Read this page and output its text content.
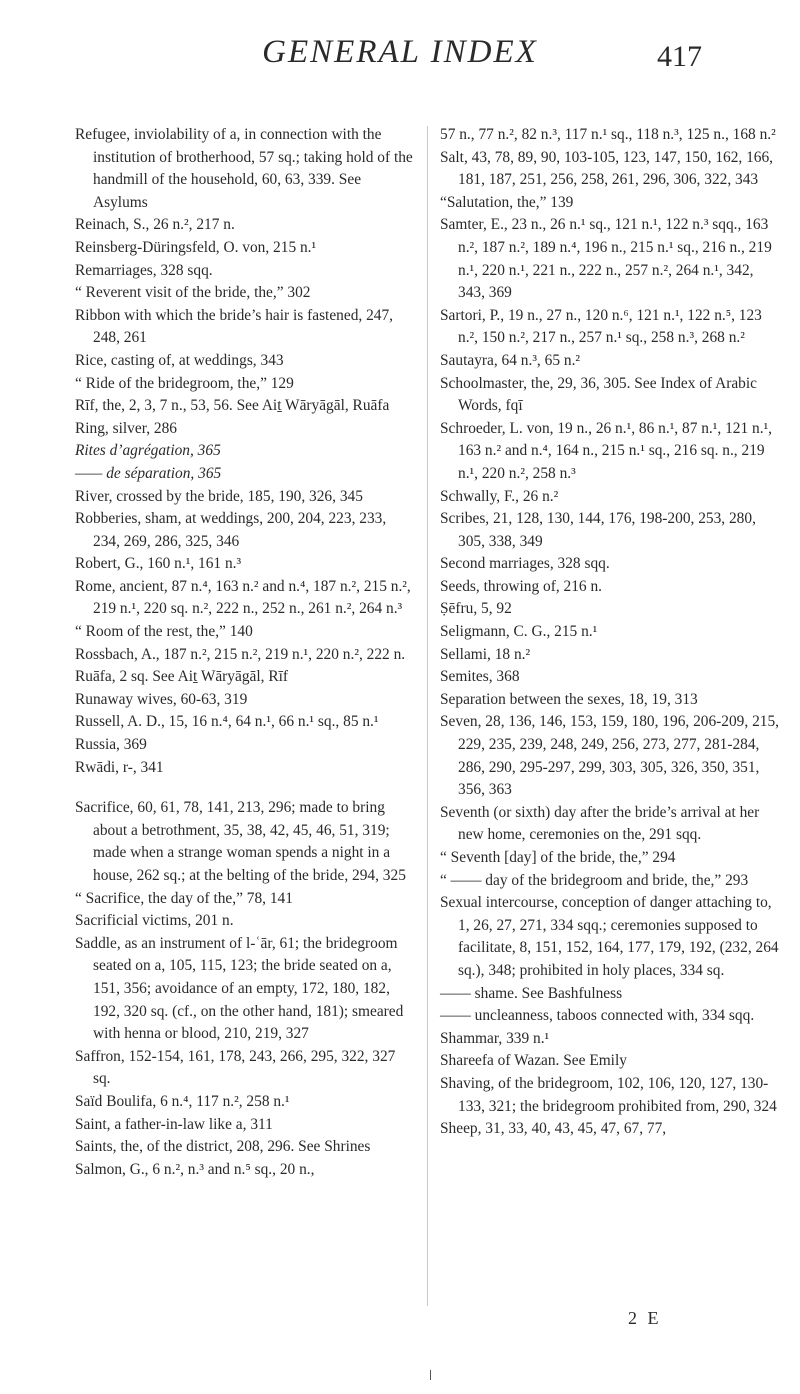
GENERAL INDEX	417

Refugee, inviolability of a, in connection with the institution of brotherhood, 57 sq.; taking hold of the handmill of the household, 60, 63, 339. See Asylums

Reinach, S., 26 n.², 217 n.

Reinsberg-Düringsfeld, O. von, 215 n.¹

Remarriages, 328 sqq.

“ Reverent visit of the bride, the,” 302

Ribbon with which the bride’s hair is fastened, 247, 248, 261

Rice, casting of, at weddings, 343

“ Ride of the bridegroom, the,” 129

Rīf, the, 2, 3, 7 n., 53, 56. See Aiṯ Wāryāgāl, Ruāfa

Ring, silver, 286

Rites d’agrégation, 365

—— de séparation, 365

River, crossed by the bride, 185, 190, 326, 345

Robberies, sham, at weddings, 200, 204, 223, 233, 234, 269, 286, 325, 346

Robert, G., 160 n.¹, 161 n.³

Rome, ancient, 87 n.⁴, 163 n.² and n.⁴, 187 n.², 215 n.², 219 n.¹, 220 sq. n.², 222 n., 252 n., 261 n.², 264 n.³

“ Room of the rest, the,” 140

Rossbach, A., 187 n.², 215 n.², 219 n.¹, 220 n.², 222 n.

Ruāfa, 2 sq. See Aiṯ Wāryāgāl, Rīf

Runaway wives, 60-63, 319

Russell, A. D., 15, 16 n.⁴, 64 n.¹, 66 n.¹ sq., 85 n.¹

Russia, 369

Rwādi, r-, 341

Sacrifice, 60, 61, 78, 141, 213, 296; made to bring about a betrothment, 35, 38, 42, 45, 46, 51, 319; made when a strange woman spends a night in a house, 262 sq.; at the belting of the bride, 294, 325

“ Sacrifice, the day of the,” 78, 141

Sacrificial victims, 201 n.

Saddle, as an instrument of l-ʿār, 61; the bridegroom seated on a, 105, 115, 123; the bride seated on a, 151, 356; avoidance of an empty, 172, 180, 182, 192, 320 sq. (cf., on the other hand, 181); smeared with henna or blood, 210, 219, 327

Saffron, 152-154, 161, 178, 243, 266, 295, 322, 327 sq.

Saïd Boulifa, 6 n.⁴, 117 n.², 258 n.¹

Saint, a father-in-law like a, 311

Saints, the, of the district, 208, 296. See Shrines

Salmon, G., 6 n.², n.³ and n.⁵ sq., 20 n.,

57 n., 77 n.², 82 n.³, 117 n.¹ sq., 118 n.³, 125 n., 168 n.²

Salt, 43, 78, 89, 90, 103-105, 123, 147, 150, 162, 166, 181, 187, 251, 256, 258, 261, 296, 306, 322, 343

“Salutation, the,” 139

Samter, E., 23 n., 26 n.¹ sq., 121 n.¹, 122 n.³ sqq., 163 n.², 187 n.², 189 n.⁴, 196 n., 215 n.¹ sq., 216 n., 219 n.¹, 220 n.¹, 221 n., 222 n., 257 n.², 264 n.¹, 342, 343, 369

Sartori, P., 19 n., 27 n., 120 n.⁶, 121 n.¹, 122 n.⁵, 123 n.², 150 n.², 217 n., 257 n.¹ sq., 258 n.³, 268 n.²

Sautayra, 64 n.³, 65 n.²

Schoolmaster, the, 29, 36, 305. See Index of Arabic Words, fqī

Schroeder, L. von, 19 n., 26 n.¹, 86 n.¹, 87 n.¹, 121 n.¹, 163 n.² and n.⁴, 164 n., 215 n.¹ sq., 216 sq. n., 219 n.¹, 220 n.², 258 n.³

Schwally, F., 26 n.²

Scribes, 21, 128, 130, 144, 176, 198-200, 253, 280, 305, 338, 349

Second marriages, 328 sqq.

Seeds, throwing of, 216 n.

Ṣēfru, 5, 92

Seligmann, C. G., 215 n.¹

Sellami, 18 n.²

Semites, 368

Separation between the sexes, 18, 19, 313

Seven, 28, 136, 146, 153, 159, 180, 196, 206-209, 215, 229, 235, 239, 248, 249, 256, 273, 277, 281-284, 286, 290, 295-297, 299, 303, 305, 326, 350, 351, 356, 363

Seventh (or sixth) day after the bride’s arrival at her new home, ceremonies on the, 291 sqq.

“ Seventh [day] of the bride, the,” 294

“ —— day of the bridegroom and bride, the,” 293

Sexual intercourse, conception of danger attaching to, 1, 26, 27, 271, 334 sqq.; ceremonies supposed to facilitate, 8, 151, 152, 164, 177, 179, 192, (232, 264 sq.), 348; prohibited in holy places, 334 sq.

—— shame. See Bashfulness

—— uncleanness, taboos connected with, 334 sqq.

Shammar, 339 n.¹

Shareefa of Wazan. See Emily

Shaving, of the bridegroom, 102, 106, 120, 127, 130-133, 321; the bridegroom prohibited from, 290, 324

Sheep, 31, 33, 40, 43, 45, 47, 67, 77,

2 E
